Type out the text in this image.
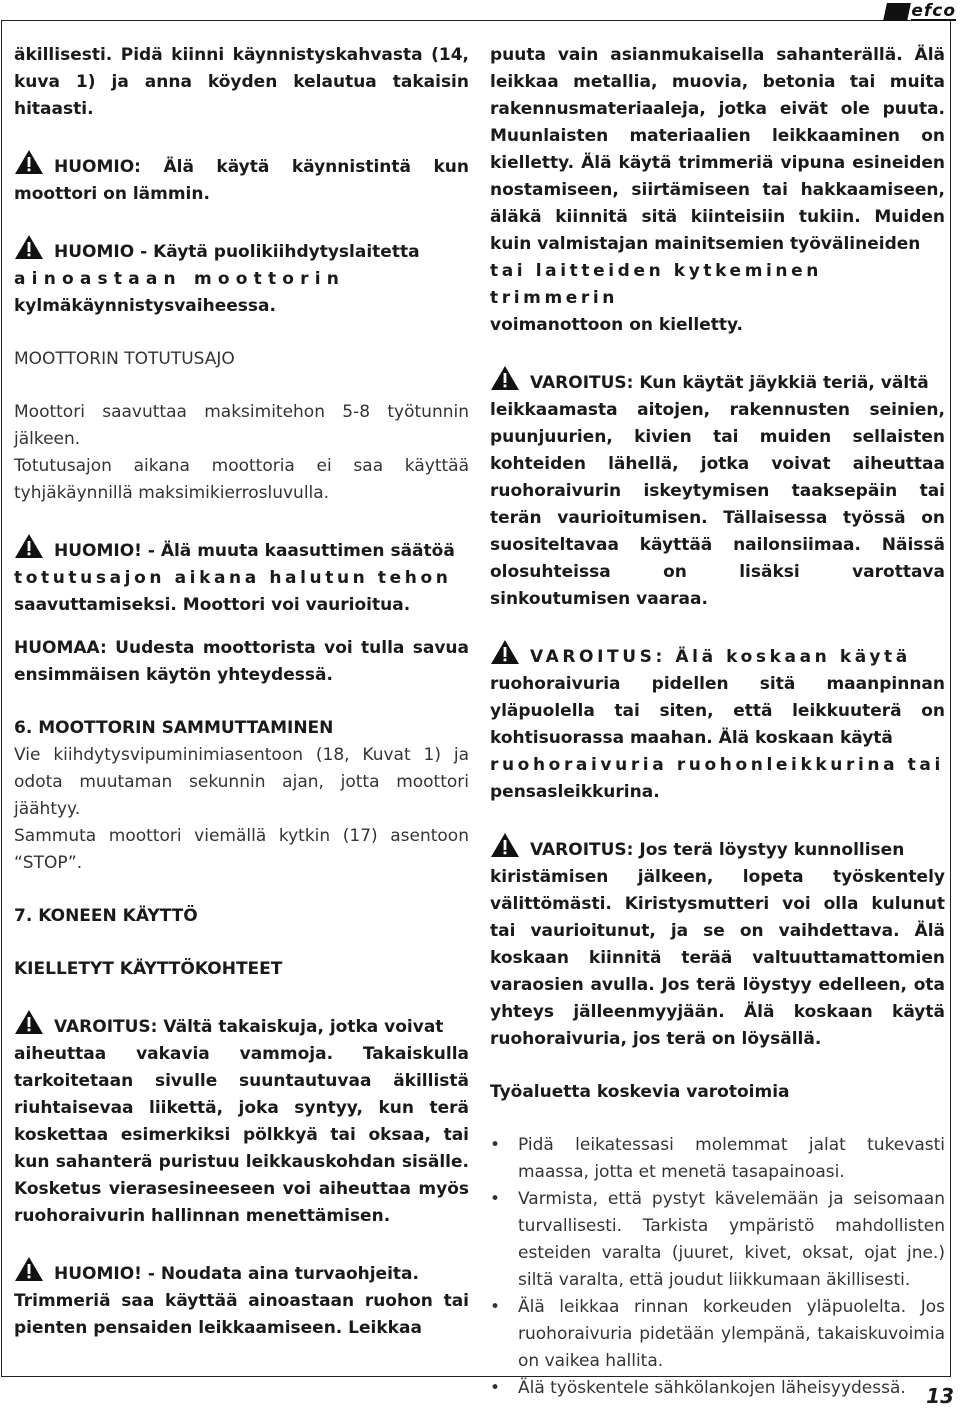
efco

äkillisesti. Pidä kiinni käynnistyskahvasta (14, kuva 1) ja anna köyden kelautua takaisin hitaasti.

HUOMIO: Älä käytä käynnistintä kun moottori on lämmin.

HUOMIO - Käytä puolikiihdytyslaitetta

ainoastaan moottorin

kylmäkäynnistysvaiheessa.

MOOTTORIN TOTUTUSAJO

Moottori saavuttaa maksimitehon 5-8 työtunnin jälkeen.

Totutusajon aikana moottoria ei saa käyttää tyhjäkäynnillä maksimikierrosluvulla.

HUOMIO! - Älä muuta kaasuttimen säätöä

totutusajon aikana halutun tehon

saavuttamiseksi. Moottori voi vaurioitua.

HUOMAA: Uudesta moottorista voi tulla savua ensimmäisen käytön yhteydessä.

6. MOOTTORIN SAMMUTTAMINEN

Vie kiihdytysvipuminimiasentoon (18, Kuvat 1) ja odota muutaman sekunnin ajan, jotta moottori jäähtyy.

Sammuta moottori viemällä kytkin (17) asentoon “STOP”.

7. KONEEN KÄYTTÖ

KIELLETYT KÄYTTÖKOHTEET

VAROITUS: Vältä takaiskuja, jotka voivat

aiheuttaa vakavia vammoja. Takaiskulla tarkoitetaan sivulle suuntautuvaa äkillistä riuhtaisevaa liikettä, joka syntyy, kun terä koskettaa esimerkiksi pölkkyä tai oksaa, tai kun sahanterä puristuu leikkauskohdan sisälle. Kosketus vierasesineeseen voi aiheuttaa myös ruohoraivurin hallinnan menettämisen.

HUOMIO! - Noudata aina turvaohjeita.

Trimmeriä saa käyttää ainoastaan ruohon tai pienten pensaiden leikkaamiseen. Leikkaa

puuta vain asianmukaisella sahanterällä. Älä leikkaa metallia, muovia, betonia tai muita rakennusmateriaaleja, jotka eivät ole puuta. Muunlaisten materiaalien leikkaaminen on kielletty. Älä käytä trimmeriä vipuna esineiden nostamiseen, siirtämiseen tai hakkaamiseen, äläkä kiinnitä sitä kiinteisiin tukiin. Muiden kuin valmistajan mainitsemien työvälineiden

tai laitteiden kytkeminen trimmerin

voimanottoon on kielletty.

VAROITUS: Kun käytät jäykkiä teriä, vältä

leikkaamasta aitojen, rakennusten seinien, puunjuurien, kivien tai muiden sellaisten kohteiden lähellä, jotka voivat aiheuttaa ruohoraivurin iskeytymisen taaksepäin tai terän vaurioitumisen. Tällaisessa työssä on suositeltavaa käyttää nailonsiimaa. Näissä olosuhteissa on lisäksi varottava sinkoutumisen vaaraa.

VAROITUS: Älä koskaan käytä

ruohoraivuria pidellen sitä maanpinnan yläpuolella tai siten, että leikkuuterä on kohtisuorassa maahan. Älä koskaan käytä

ruohoraivuria ruohonleikkurina tai

pensasleikkurina.

VAROITUS: Jos terä löystyy kunnollisen

kiristämisen jälkeen, lopeta työskentely välittömästi. Kiristysmutteri voi olla kulunut tai vaurioitunut, ja se on vaihdettava. Älä koskaan kiinnitä terää valtuuttamattomien varaosien avulla. Jos terä löystyy edelleen, ota yhteys jälleenmyyjään. Älä koskaan käytä ruohoraivuria, jos terä on löysällä.

Työaluetta koskevia varotoimia

• Pidä leikatessasi molemmat jalat tukevasti maassa, jotta et menetä tasapainoasi.
• Varmista, että pystyt kävelemään ja seisomaan turvallisesti. Tarkista ympäristö mahdollisten esteiden varalta (juuret, kivet, oksat, ojat jne.) siltä varalta, että joudut liikkumaan äkillisesti.
• Älä leikkaa rinnan korkeuden yläpuolelta. Jos ruohoraivuria pidetään ylempänä, takaiskuvoimia on vaikea hallita.
• Älä työskentele sähkölankojen läheisyydessä.	13
